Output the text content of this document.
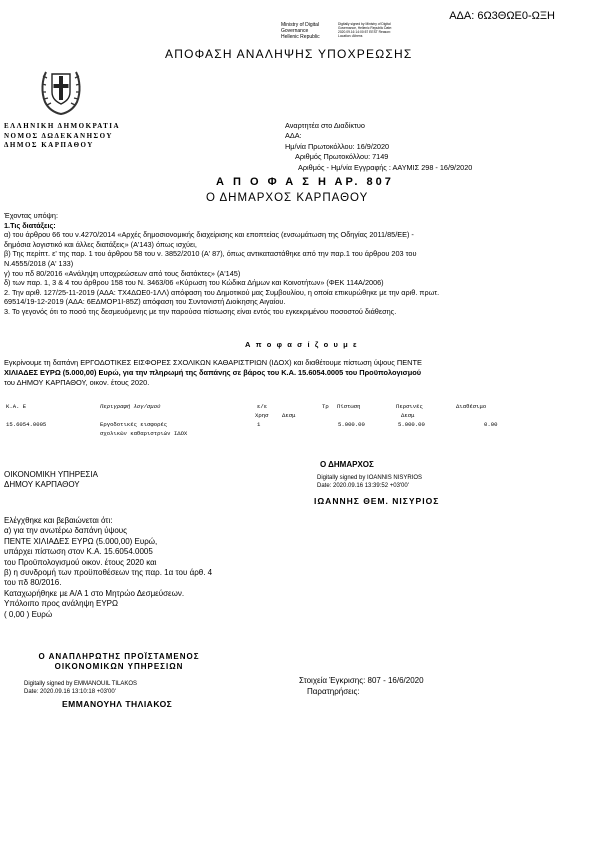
ΑΔΑ: 6Ω3ΘΩΕ0-ΩΞΗ
Ministry of Digital
Governance
Hellenic Republic
Digitally signed by Ministry of Digital Governance, Hellenic Republic Date: 2020.09.16 14:00:57 EEST Reason: Location: Athens
ΑΠΟΦΑΣΗ ΑΝΑΛΗΨΗΣ ΥΠΟΧΡΕΩΣΗΣ
ΕΛΛΗΝΙΚΗ ΔΗΜΟΚΡΑΤΙΑ
ΝΟΜΟΣ ΔΩΔΕΚΑΝΗΣΟΥ
ΔΗΜΟΣ ΚΑΡΠΑΘΟΥ
Αναρτητέα στο Διαδίκτυο
ΑΔΑ:
Ημ/νία Πρωτοκόλλου: 16/9/2020
Αριθμός Πρωτοκόλλου: 7149
Αριθμός - Ημ/νία Εγγραφής : ΑΑΥΜΙΣ 298 - 16/9/2020
Α Π Ο Φ Α Σ Η ΑΡ. 807
Ο ΔΗΜΑΡΧΟΣ ΚΑΡΠΑΘΟΥ
Έχοντας υπόψη:
1.Τις διατάξεις:
α) του άρθρου 66 του ν.4270/2014 «Αρχές δημοσιονομικής διαχείρισης και εποπτείας (ενσωμάτωση της Οδηγίας 2011/85/ΕΕ) -
δημόσια λογιστικό και άλλες διατάξεις» (Α'143) όπως ισχύει,
β) Της περίπτ. ε' της παρ. 1 του άρθρου 58 του ν. 3852/2010 (Α' 87), όπως αντικαταστάθηκε από την παρ.1 του άρθρου 203 του
Ν.4555/2018 (Α' 133)
γ) του πδ 80/2016 «Ανάληψη υποχρεώσεων από τους διατάκτες» (Α'145)
δ) των παρ. 1, 3 & 4 του άρθρου 158 του Ν. 3463/06 «Κύρωση του Κώδικα Δήμων και Κοινοτήτων» (ΦΕΚ 114Α/2006)
2. Την αριθ. 127/25-11-2019 (ΑΔΑ: ΤΧ4ΔΩΕ0-1ΛΛ) απόφαση του Δημοτικού μας Συμβουλίου, η οποία επικυρώθηκε με την αριθ. πρωτ.
69514/19-12-2019 (ΑΔΑ: 6ΕΔΜΟΡ1Ι-85Ζ) απόφαση του Συντονιστή Διοίκησης Αιγαίου.
3. Το γεγονός ότι το ποσό της δεσμευόμενης με την παρούσα πίστωσης είναι εντός του εγκεκριμένου ποσοστού διάθεσης.
Α π ο φ α σ ί ζ ο υ μ ε
Εγκρίνουμε τη δαπάνη ΕΡΓΟΔΟΤΙΚΕΣ ΕΙΣΦΟΡΕΣ ΣΧΟΛΙΚΩΝ ΚΑΘΑΡΙΣΤΡΙΩΝ (ΙΔΟΧ) και διαθέτουμε πίστωση ύψους ΠΕΝΤΕ
ΧΙΛΙΑΔΕΣ ΕΥΡΩ (5.000,00) Ευρώ, για την πληρωμή της δαπάνης σε βάρος του Κ.Α. 15.6054.0005 του Προϋπολογισμού
του ΔΗΜΟΥ ΚΑΡΠΑΘΟΥ, οικον. έτους 2020.
Κ.Α. Ε	Περιγραφή λογ/σμού	ε/ε	Τρ Πίστωση	Περσινές	Διαθέσιμο
Χρησ Δεσμ	Δεσμ
15.6054.0005	Εργοδοτικές εισφορές	1	5.000.00	5.000.00	0.00
σχολικών καθαριστριών ΙΔΟΧ
ΟΙΚΟΝΟΜΙΚΗ ΥΠΗΡΕΣΙΑ
ΔΗΜΟΥ ΚΑΡΠΑΘΟΥ
Ο ΔΗΜΑΡΧΟΣ
Digitally signed by IOANNIS NISYRIOS
Date: 2020.09.16 13:39:52 +03'00'
ΙΩΑΝΝΗΣ ΘΕΜ. ΝΙΣΥΡΙΟΣ
Ελέγχθηκε και βεβαιώνεται ότι:
α) για την ανωτέρω δαπάνη ύψους
ΠΕΝΤΕ ΧΙΛΙΑΔΕΣ ΕΥΡΩ (5.000,00) Ευρώ,
υπάρχει πίστωση στον Κ.Α. 15.6054.0005
του Προϋπολογισμού οικον. έτους 2020 και
β) η συνδρομή των προϋποθέσεων της παρ. 1α του άρθ. 4
του πδ 80/2016.
Καταχωρήθηκε με Α/Α 1 στο Μητρώο Δεσμεύσεων.
Υπόλοιπο προς ανάληψη ΕΥΡΩ
( 0,00 ) Ευρώ
Ο ΑΝΑΠΛΗΡΩΤΗΣ ΠΡΟΪΣΤΑΜΕΝΟΣ
ΟΙΚΟΝΟΜΙΚΩΝ ΥΠΗΡΕΣΙΩΝ
Digitally signed by EMMANOUIL TILAKOS
Date: 2020.09.16 13:10:18 +03'00'
ΕΜΜΑΝΟΥΗΛ ΤΗΛΙΑΚΟΣ
Στοιχεία Έγκρισης: 807 - 16/6/2020
Παρατηρήσεις:
